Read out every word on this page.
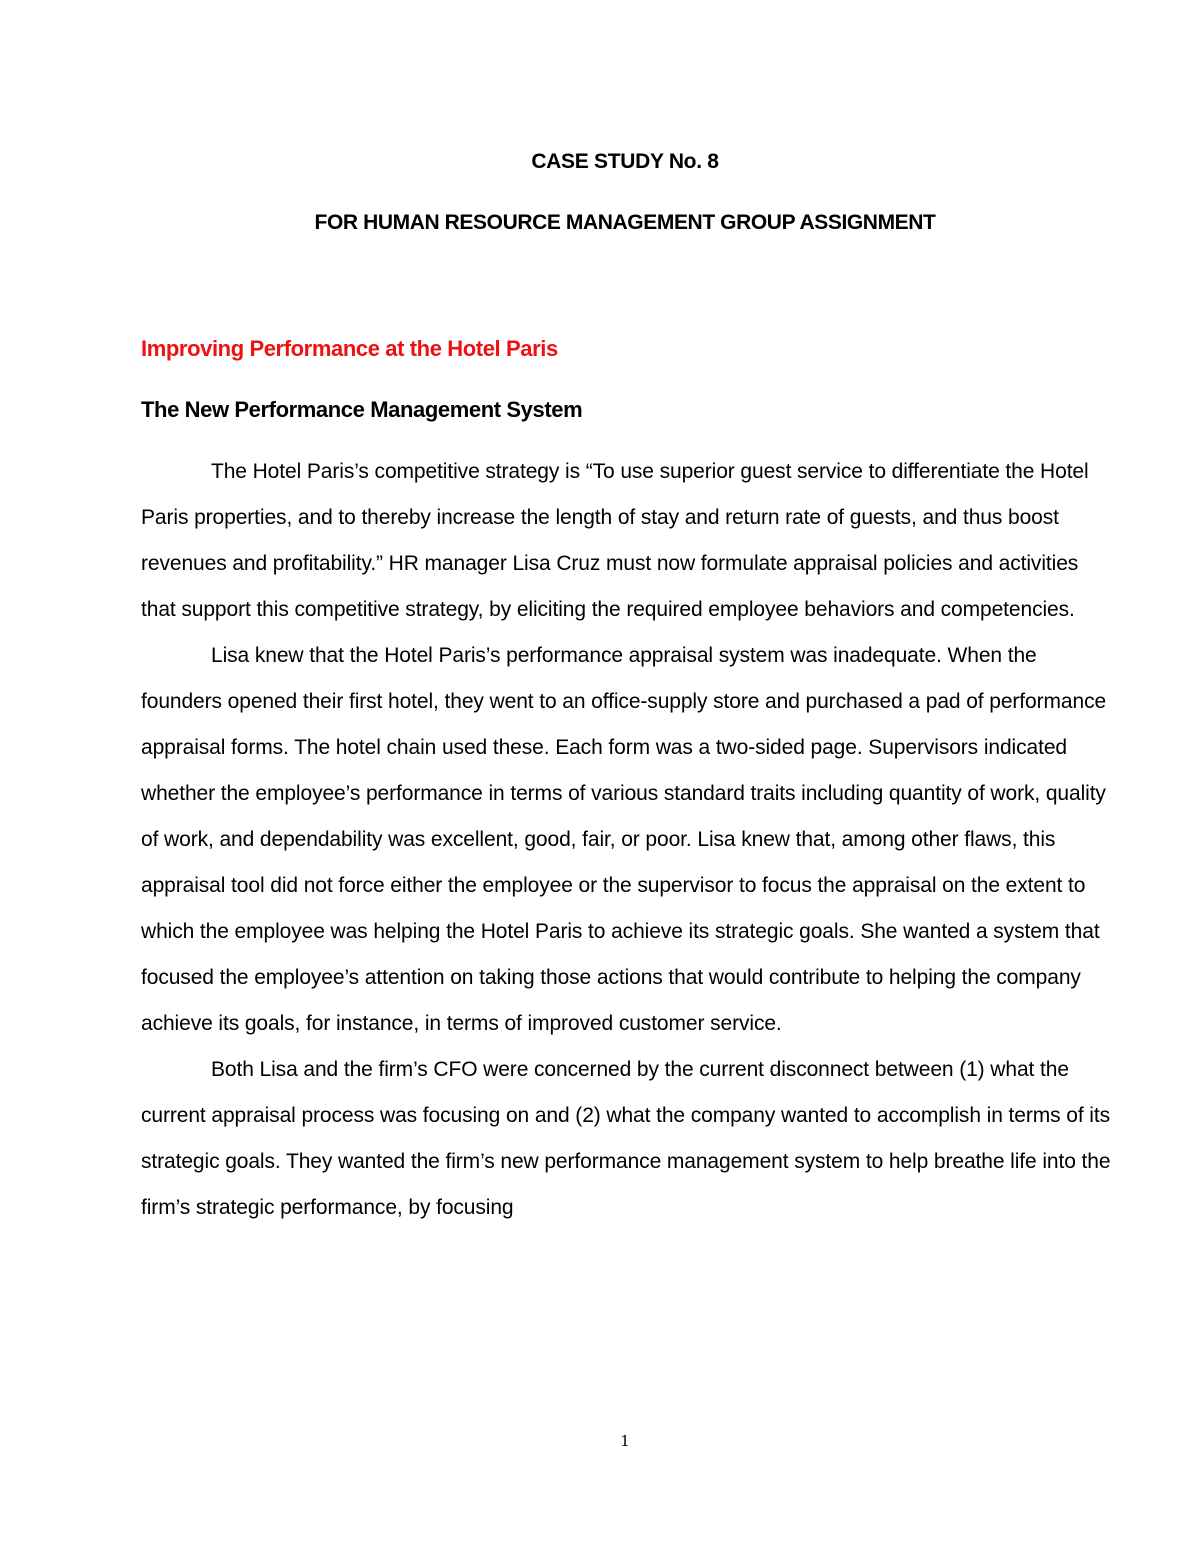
CASE STUDY No. 8
FOR HUMAN RESOURCE MANAGEMENT GROUP ASSIGNMENT
Improving Performance at the Hotel Paris
The New Performance Management System

The Hotel Paris’s competitive strategy is “To use superior guest service to differentiate the Hotel Paris properties, and to thereby increase the length of stay and return rate of guests, and thus boost revenues and profitability.” HR manager Lisa Cruz must now formulate appraisal policies and activities that support this competitive strategy, by eliciting the required employee behaviors and competencies.

Lisa knew that the Hotel Paris’s performance appraisal system was inadequate. When the founders opened their first hotel, they went to an office-supply store and purchased a pad of performance appraisal forms. The hotel chain used these. Each form was a two-sided page. Supervisors indicated whether the employee’s performance in terms of various standard traits including quantity of work, quality of work, and dependability was excellent, good, fair, or poor. Lisa knew that, among other flaws, this appraisal tool did not force either the employee or the supervisor to focus the appraisal on the extent to which the employee was helping the Hotel Paris to achieve its strategic goals. She wanted a system that focused the employee’s attention on taking those actions that would contribute to helping the company achieve its goals, for instance, in terms of improved customer service.

Both Lisa and the firm’s CFO were concerned by the current disconnect between (1) what the current appraisal process was focusing on and (2) what the company wanted to accomplish in terms of its strategic goals. They wanted the firm’s new performance management system to help breathe life into the firm’s strategic performance, by focusing

1
